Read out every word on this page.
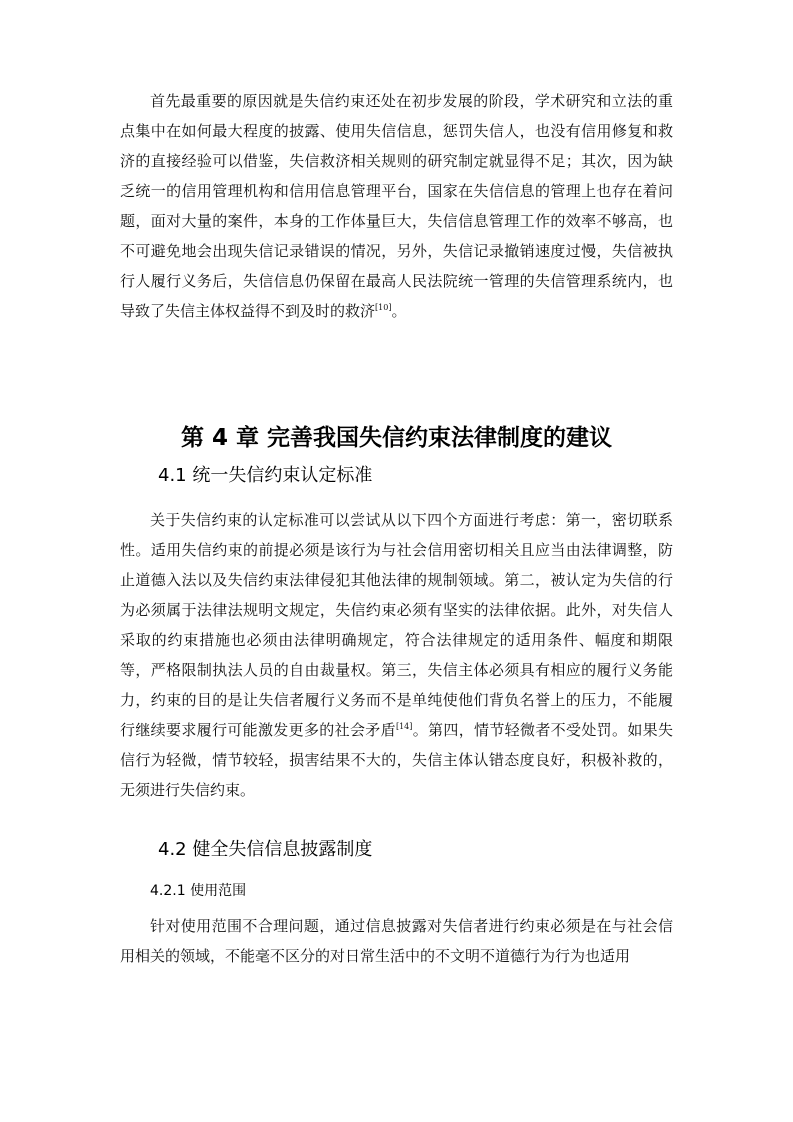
首先最重要的原因就是失信约束还处在初步发展的阶段，学术研究和立法的重点集中在如何最大程度的披露、使用失信信息，惩罚失信人，也没有信用修复和救济的直接经验可以借鉴，失信救济相关规则的研究制定就显得不足；其次，因为缺乏统一的信用管理机构和信用信息管理平台，国家在失信信息的管理上也存在着问题，面对大量的案件，本身的工作体量巨大，失信信息管理工作的效率不够高，也不可避免地会出现失信记录错误的情况，另外，失信记录撤销速度过慢，失信被执行人履行义务后，失信信息仍保留在最高人民法院统一管理的失信管理系统内，也导致了失信主体权益得不到及时的救济[10]。

第 4 章 完善我国失信约束法律制度的建议
4.1 统一失信约束认定标准

关于失信约束的认定标准可以尝试从以下四个方面进行考虑：第一，密切联系性。适用失信约束的前提必须是该行为与社会信用密切相关且应当由法律调整，防止道德入法以及失信约束法律侵犯其他法律的规制领域。第二，被认定为失信的行为必须属于法律法规明文规定，失信约束必须有坚实的法律依据。此外，对失信人采取的约束措施也必须由法律明确规定，符合法律规定的适用条件、幅度和期限等，严格限制执法人员的自由裁量权。第三，失信主体必须具有相应的履行义务能力，约束的目的是让失信者履行义务而不是单纯使他们背负名誉上的压力，不能履行继续要求履行可能激发更多的社会矛盾[14]。第四，情节轻微者不受处罚。如果失信行为轻微，情节较轻，损害结果不大的，失信主体认错态度良好，积极补救的，无须进行失信约束。

4.2 健全失信信息披露制度
4.2.1 使用范围

针对使用范围不合理问题，通过信息披露对失信者进行约束必须是在与社会信用相关的领域，不能毫不区分的对日常生活中的不文明不道德行为行为也适用
